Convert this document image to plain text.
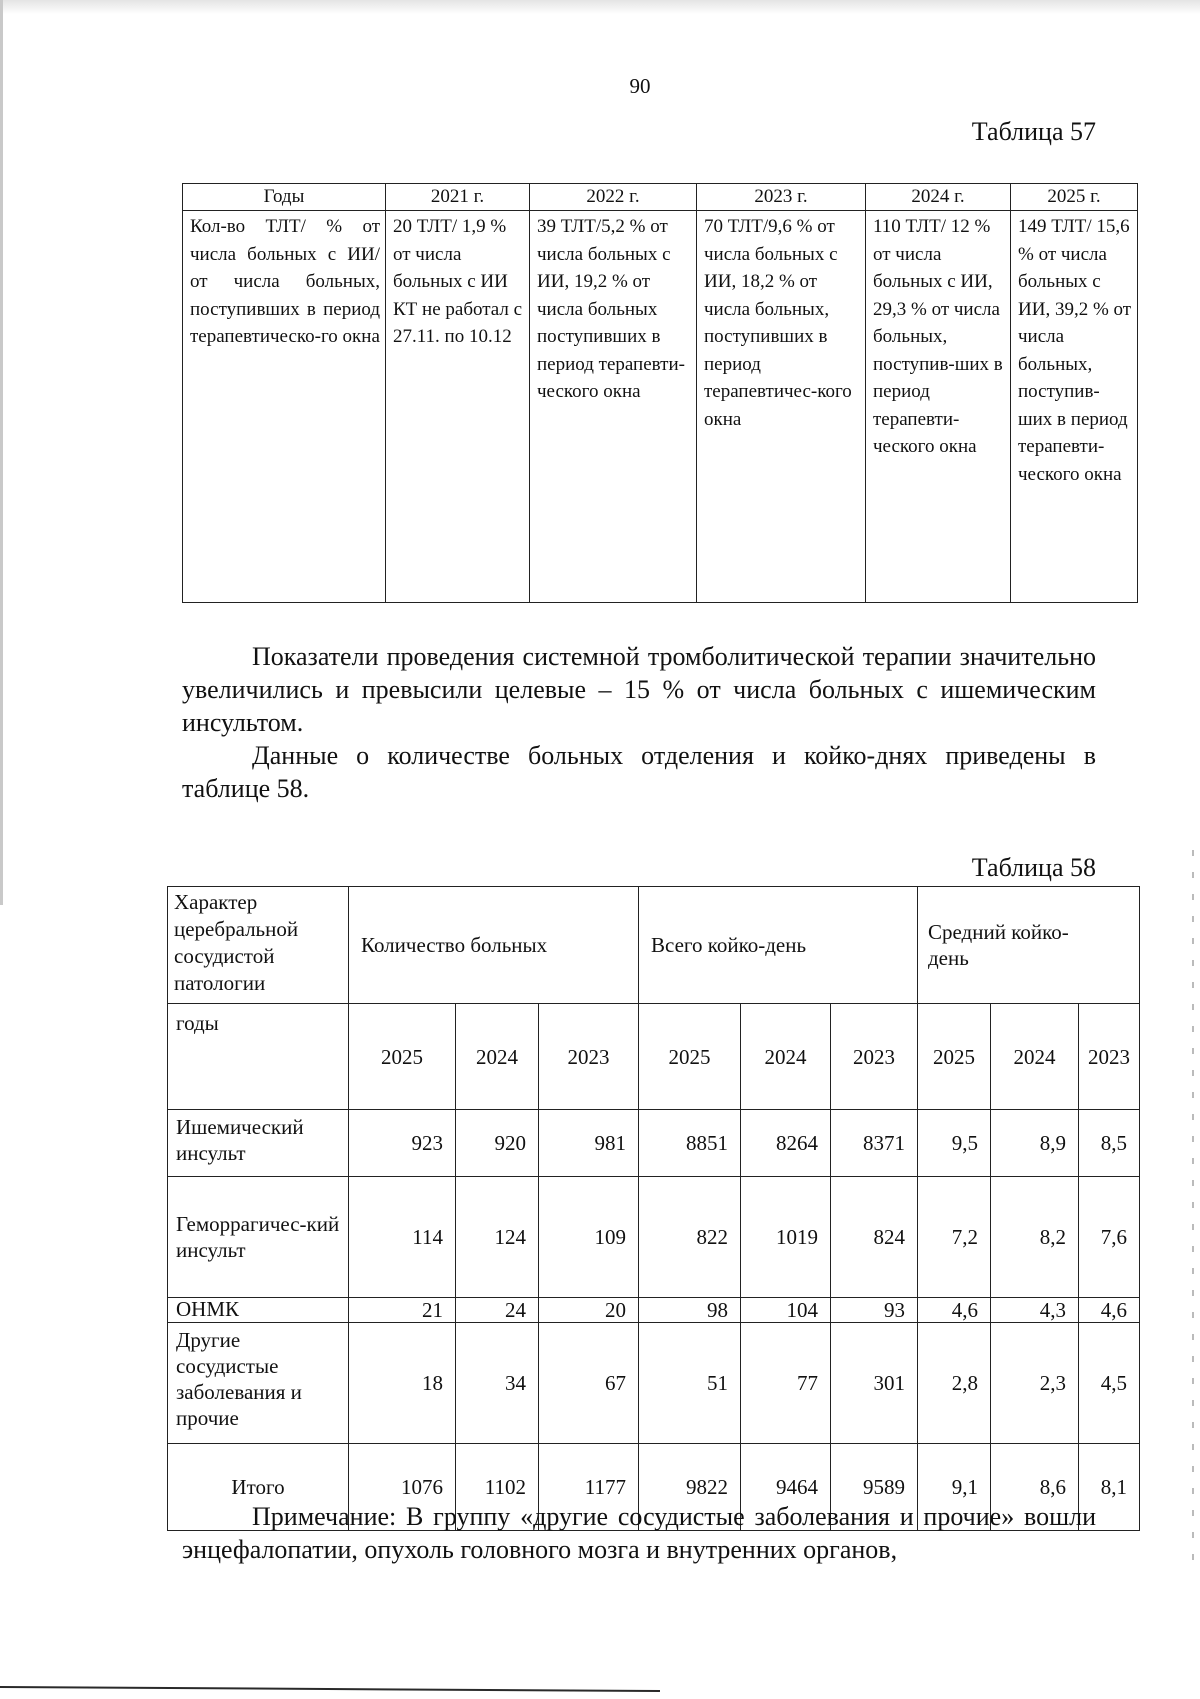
90
Таблица 57
Годы	2021 г.	2022 г.	2023 г.	2024 г.	2025 г.
Кол-во ТЛТ/ % от числа больных с ИИ/ от числа больных, поступивших в период терапевтическо-го окна	20 ТЛТ/ 1,9 % от числа больных с ИИ КТ не работал с 27.11. по 10.12	39 ТЛТ/5,2 % от числа больных с ИИ, 19,2 % от числа больных поступивших в период терапевти-ческого окна	70 ТЛТ/9,6 % от числа больных с ИИ, 18,2 % от числа больных, поступивших в период терапевтичес-кого окна	110 ТЛТ/ 12 % от числа больных с ИИ, 29,3 % от числа больных, поступив-ших в период терапевти-ческого окна	149 ТЛТ/ 15,6 % от числа больных с ИИ, 39,2 % от числа больных, поступив-ших в период терапевти-ческого окна

Показатели проведения системной тромболитической терапии значительно увеличились и превысили целевые – 15 % от числа больных с ишемическим инсультом.

Данные о количестве больных отделения и койко-днях приведены в таблице 58.

Таблица 58
Характер церебральной сосудистой патологии	Количество больных			Всего койко-день			Средний койко-день		
годы	2025	2024	2023	2025	2024	2023	2025	2024	2023
Ишемический инсульт	923	920	981	8851	8264	8371	9,5	8,9	8,5
Геморрагичес-кий инсульт	114	124	109	822	1019	824	7,2	8,2	7,6
ОНМК	21	24	20	98	104	93	4,6	4,3	4,6
Другие сосудистые заболевания и прочие	18	34	67	51	77	301	2,8	2,3	4,5
Итого	1076	1102	1177	9822	9464	9589	9,1	8,6	8,1

Примечание: В группу «другие сосудистые заболевания и прочие» вошли энцефалопатии, опухоль головного мозга и внутренних органов,
